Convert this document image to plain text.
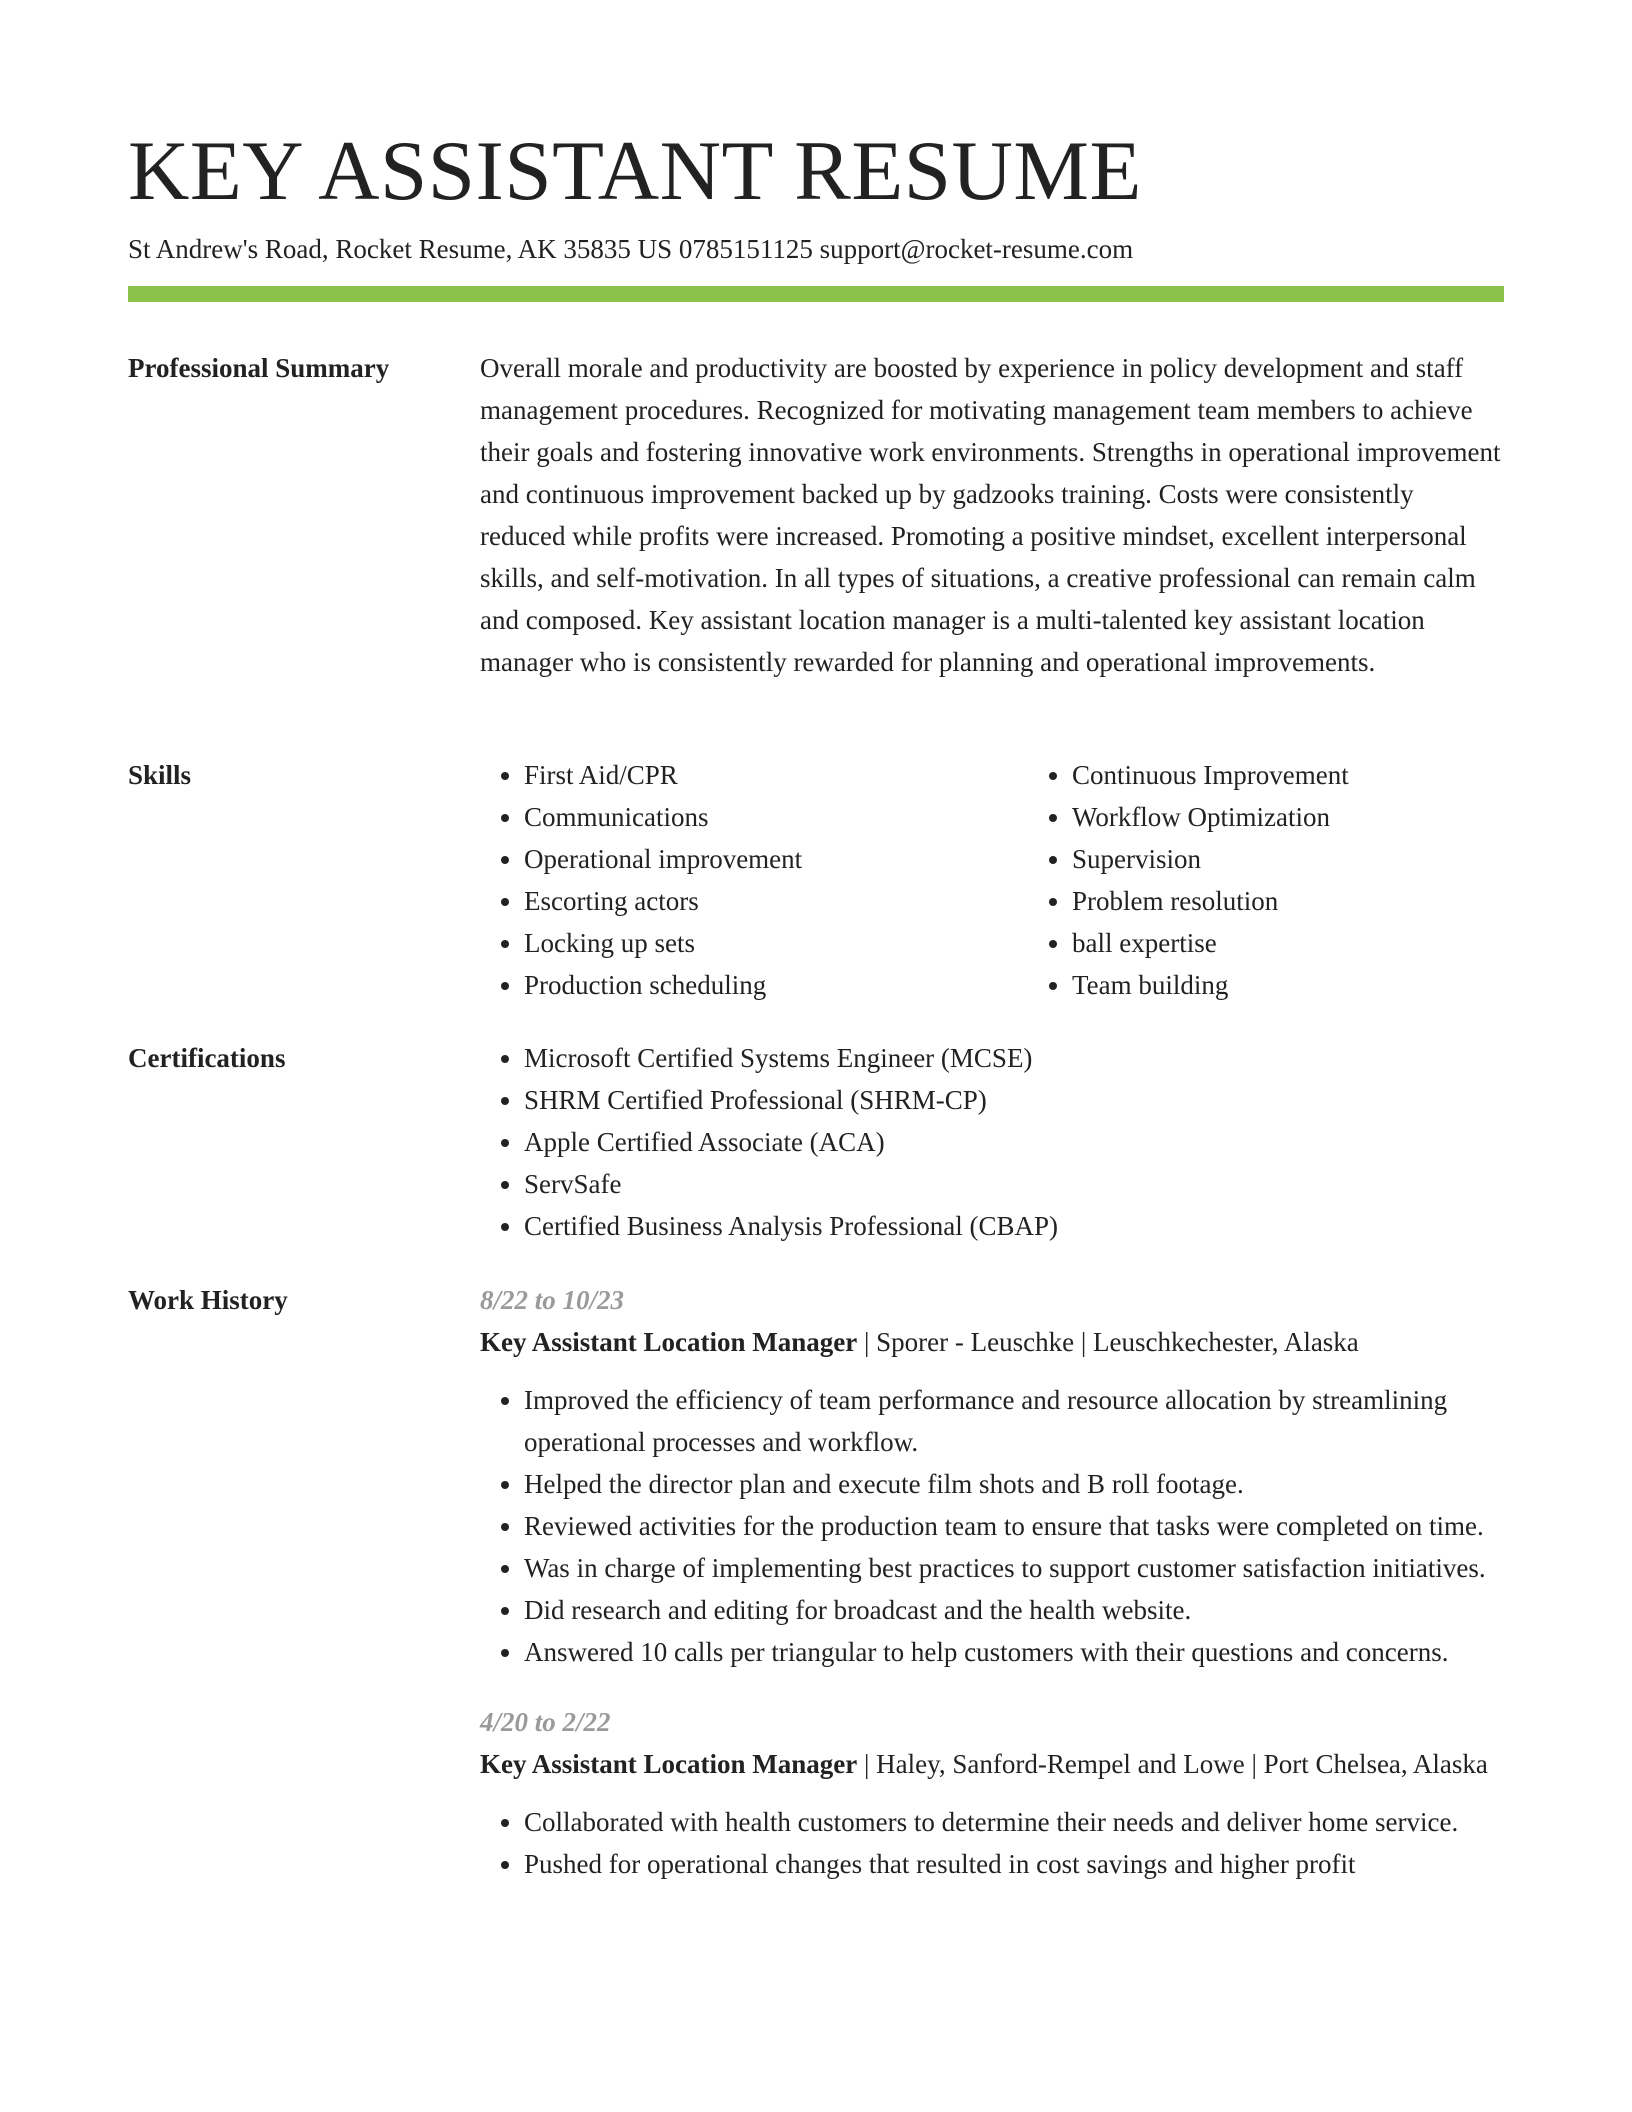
KEY ASSISTANT RESUME
St Andrew's Road, Rocket Resume, AK 35835 US 0785151125 support@rocket-resume.com
Professional Summary	Overall morale and productivity are boosted by experience in policy development and staff management procedures. Recognized for motivating management team members to achieve their goals and fostering innovative work environments. Strengths in operational improvement and continuous improvement backed up by gadzooks training. Costs were consistently reduced while profits were increased. Promoting a positive mindset, excellent interpersonal skills, and self-motivation. In all types of situations, a creative professional can remain calm and composed. Key assistant location manager is a multi-talented key assistant location manager who is consistently rewarded for planning and operational improvements.

Skills	• First Aid/CPR
• Communications
• Operational improvement
• Escorting actors
• Locking up sets
• Production scheduling
• Continuous Improvement
• Workflow Optimization
• Supervision
• Problem resolution
• ball expertise
• Team building
Certifications	• Microsoft Certified Systems Engineer (MCSE)
• SHRM Certified Professional (SHRM-CP)
• Apple Certified Associate (ACA)
• ServSafe
• Certified Business Analysis Professional (CBAP)
Work History	8/22 to 10/23
Key Assistant Location Manager | Sporer - Leuschke | Leuschkechester, Alaska
• Improved the efficiency of team performance and resource allocation by streamlining operational processes and workflow.
• Helped the director plan and execute film shots and B roll footage.
• Reviewed activities for the production team to ensure that tasks were completed on time.
• Was in charge of implementing best practices to support customer satisfaction initiatives.
• Did research and editing for broadcast and the health website.
• Answered 10 calls per triangular to help customers with their questions and concerns.
4/20 to 2/22
Key Assistant Location Manager | Haley, Sanford-Rempel and Lowe | Port Chelsea, Alaska
• Collaborated with health customers to determine their needs and deliver home service.
• Pushed for operational changes that resulted in cost savings and higher profit
